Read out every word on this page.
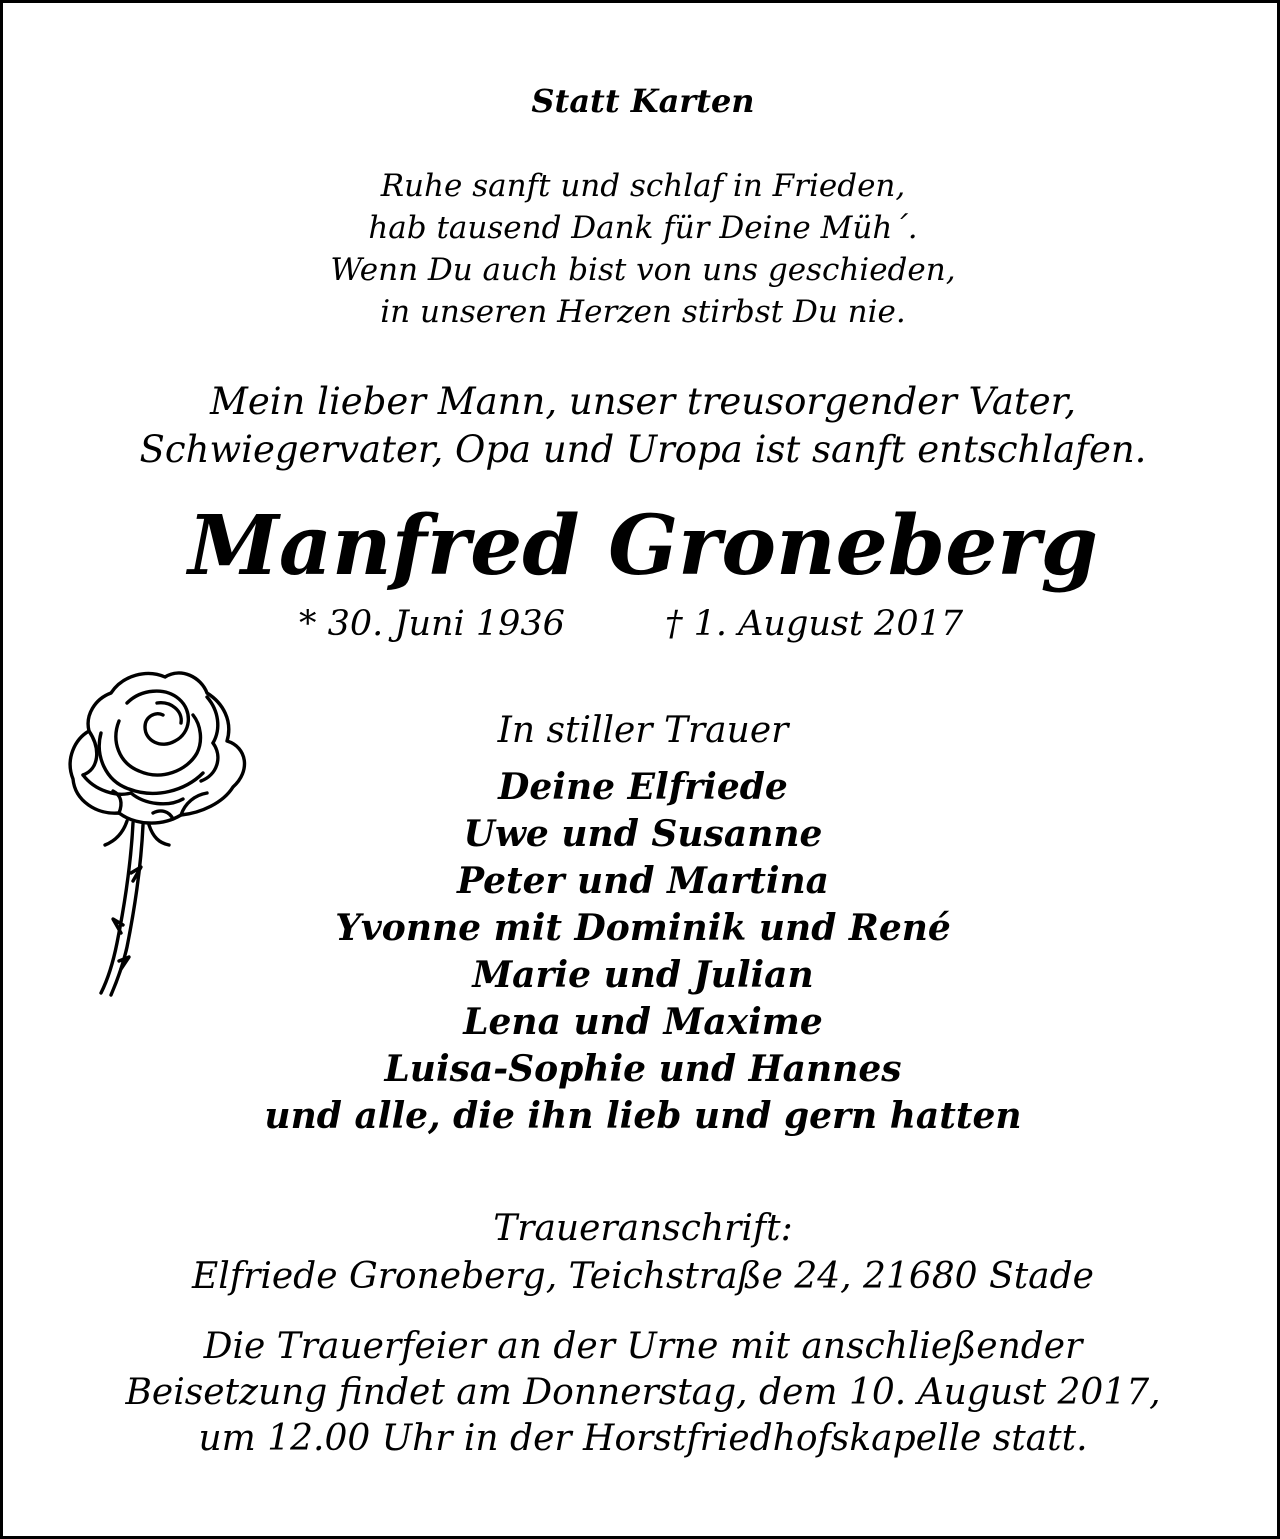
Statt Karten
Ruhe sanft und schlaf in Frieden,
hab tausend Dank für Deine Müh´.
Wenn Du auch bist von uns geschieden,
in unseren Herzen stirbst Du nie.
Mein lieber Mann, unser treusorgender Vater,
Schwiegervater, Opa und Uropa ist sanft entschlafen.
Manfred Groneberg
* 30. Juni 1936	† 1. August 2017
In stiller Trauer
Deine Elfriede
Uwe und Susanne
Peter und Martina
Yvonne mit Dominik und René
Marie und Julian
Lena und Maxime
Luisa-Sophie und Hannes
und alle, die ihn lieb und gern hatten
Traueranschrift:
Elfriede Groneberg, Teichstraße 24, 21680 Stade
Die Trauerfeier an der Urne mit anschließender
Beisetzung findet am Donnerstag, dem 10. August 2017,
um 12.00 Uhr in der Horstfriedhofskapelle statt.
